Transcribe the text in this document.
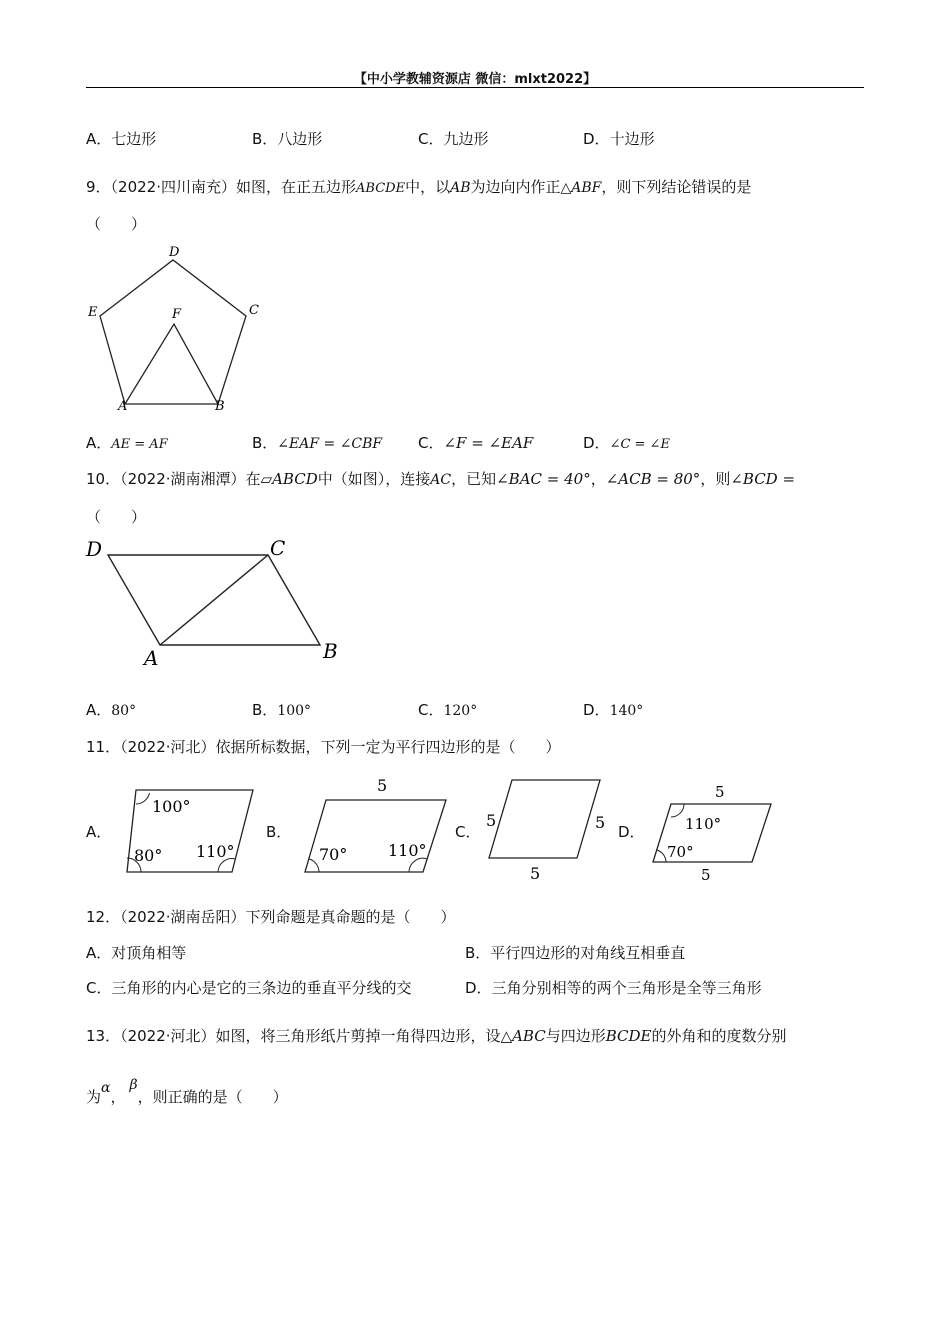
【中小学教辅资源店 微信：mlxt2022】
A．七边形	B．八边形	C．九边形	D．十边形
9．（2022·四川南充）如图，在正五边形ABCDE中，以AB为边向内作正△ABF，则下列结论错误的是
（　　）
A	B
C
D
E	F
A．AE = AF	B．∠EAF = ∠CBF C．∠F = ∠EAF	D．∠C = ∠E
10．（2022·湖南湘潭）在▱ABCD中（如图），连接AC，已知∠BAC = 40°，∠ACB = 80°，则∠BCD =
（　　）
A	B
C
D
A．80°	B．100°	C．120°	D．140°
11．（2022·河北）依据所标数据，下列一定为平行四边形的是（　　）
A．
100°
80° 110°
B．
5
70°	110°
C．
5	5
5
D．
5
110°
70°
5
12．（2022·湖南岳阳）下列命题是真命题的是（　　）
A．对顶角相等	B．平行四边形的对角线互相垂直
C．三角形的内心是它的三条边的垂直平分线的交	D．三角分别相等的两个三角形是全等三角形
13．（2022·河北）如图，将三角形纸片剪掉一角得四边形，设△ABC与四边形BCDE的外角和的度数分别
为α，β，则正确的是（　　）
